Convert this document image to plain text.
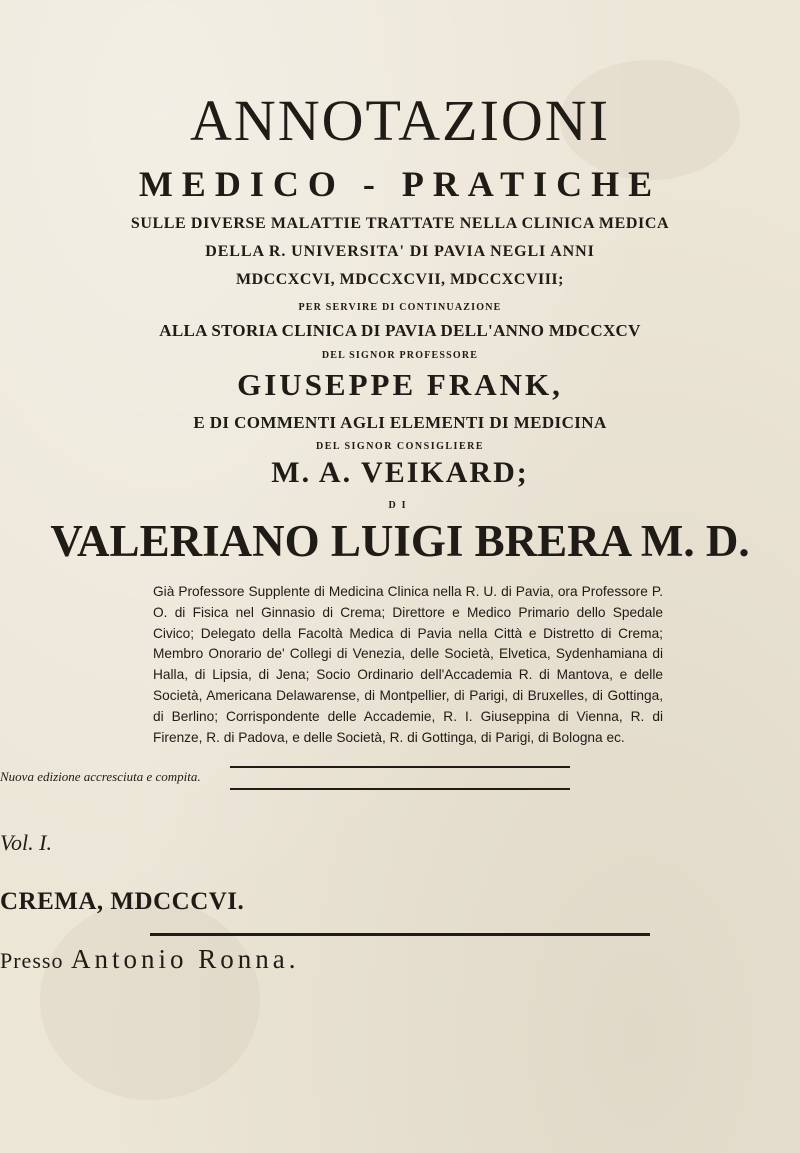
ANNOTAZIONI
MEDICO - PRATICHE
SULLE DIVERSE MALATTIE TRATTATE NELLA CLINICA MEDICA
DELLA R. UNIVERSITA' DI PAVIA NEGLI ANNI
MDCCXCVI, MDCCXCVII, MDCCXCVIII;
PER SERVIRE DI CONTINUAZIONE
ALLA STORIA CLINICA DI PAVIA DELL'ANNO MDCCXCV
DEL SIGNOR PROFESSORE
GIUSEPPE FRANK,
E DI COMMENTI AGLI ELEMENTI DI MEDICINA
DEL SIGNOR CONSIGLIERE
M. A. VEIKARD;
DI
VALERIANO LUIGI BRERA M. D.
Già Professore Supplente di Medicina Clinica nella R. U. di Pavia, ora Professore P. O. di Fisica nel Ginnasio di Crema; Direttore e Medico Primario dello Spedale Civico; Delegato della Facoltà Medica di Pavia nella Città e Distretto di Crema; Membro Onorario de' Collegi di Venezia, delle Società, Elvetica, Sydenhamiana di Halla, di Lipsia, di Jena; Socio Ordinario dell'Accademia R. di Mantova, e delle Società, Americana Delawarense, di Montpellier, di Parigi, di Bruxelles, di Gottinga, di Berlino; Corrispondente delle Accademie, R. I. Giuseppina di Vienna, R. di Firenze, R. di Padova, e delle Società, R. di Gottinga, di Parigi, di Bologna ec.
Nuova edizione accresciuta e compita.
Vol. I.
CREMA, MDCCCVI.
Presso Antonio Ronna.
